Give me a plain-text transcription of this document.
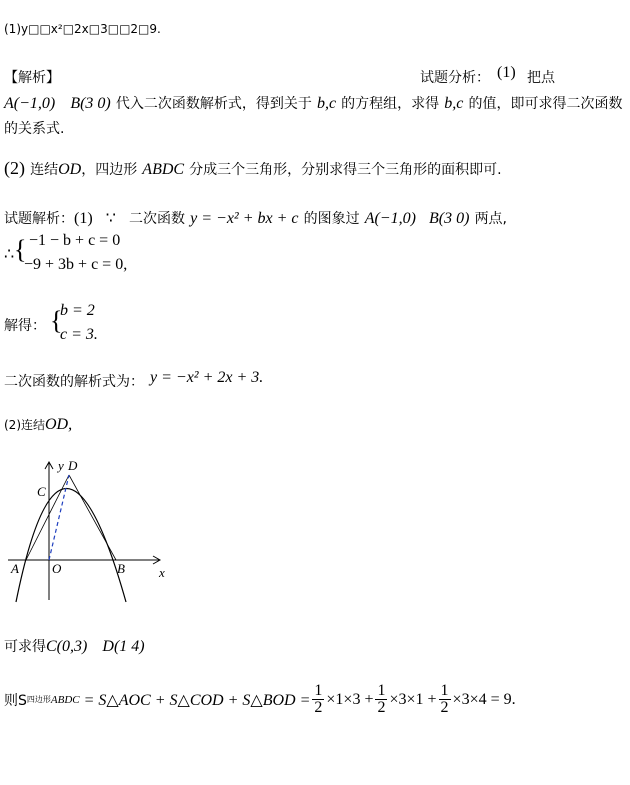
(1)y□□x²□2x□3□□2□9.
【解析】	试题分析： (1) 把点
A(−1,0) B(3 0) 代入二次函数解析式，得到关于 b,c 的方程组，求得 b,c 的值，即可求得二次函数
的关系式.
(2) 连结OD，四边形 ABDC 分成三个三角形，分别求得三个三角形的面积即可.
试题解析：(1) ∵ 二次函数 y = −x² + bx + c 的图象过 A(−1,0) B(3 0) 两点,
∴ { −1 − b + c = 0
−9 + 3b + c = 0,
解得： {
b = 2
c = 3.
二次函数的解析式为： y = −x² + 2x + 3.
(2)连结OD,
y
x
D
C
A	O	B
可求得C(0,3) D(1 4)
则S 四边形 ABDC = S△AOC + S△COD + S△BOD = $\frac{1}{2} \times 1\times 3 + \frac{1}{2} \times 3\times 1 + \frac{1}{2} \times 3\times 4 = 9$.
